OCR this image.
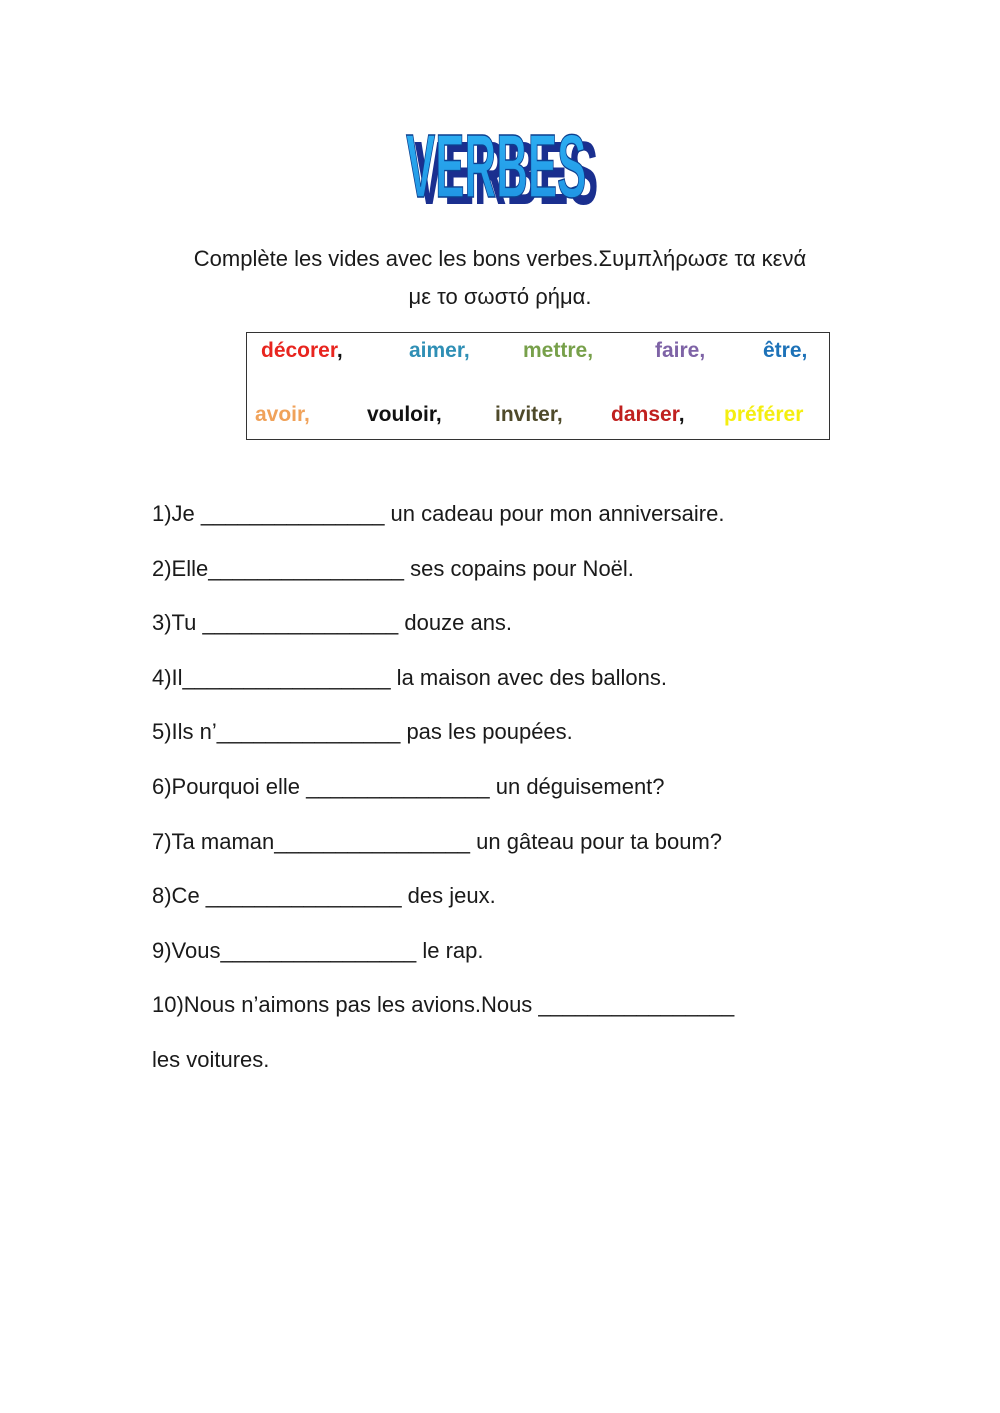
VERBES
VERBES
Complète les vides avec les bons verbes.Συμπλήρωσε τα κενά
με το σωστό ρήμα.
décorer,	aimer,	mettre,	faire,	être,
avoir,	vouloir,	inviter, danser, préférer
1)Je _______________ un cadeau pour mon anniversaire.
2)Elle________________ ses copains pour Noël.
3)Tu ________________ douze ans.
4)Il_________________ la maison avec des ballons.
5)Ils n’_______________ pas les poupées.
6)Pourquoi elle _______________ un déguisement?
7)Ta maman________________ un gâteau pour ta boum?
8)Ce ________________ des jeux.
9)Vous________________ le rap.
10)Nous n’aimons pas les avions.Nous ________________
les voitures.
